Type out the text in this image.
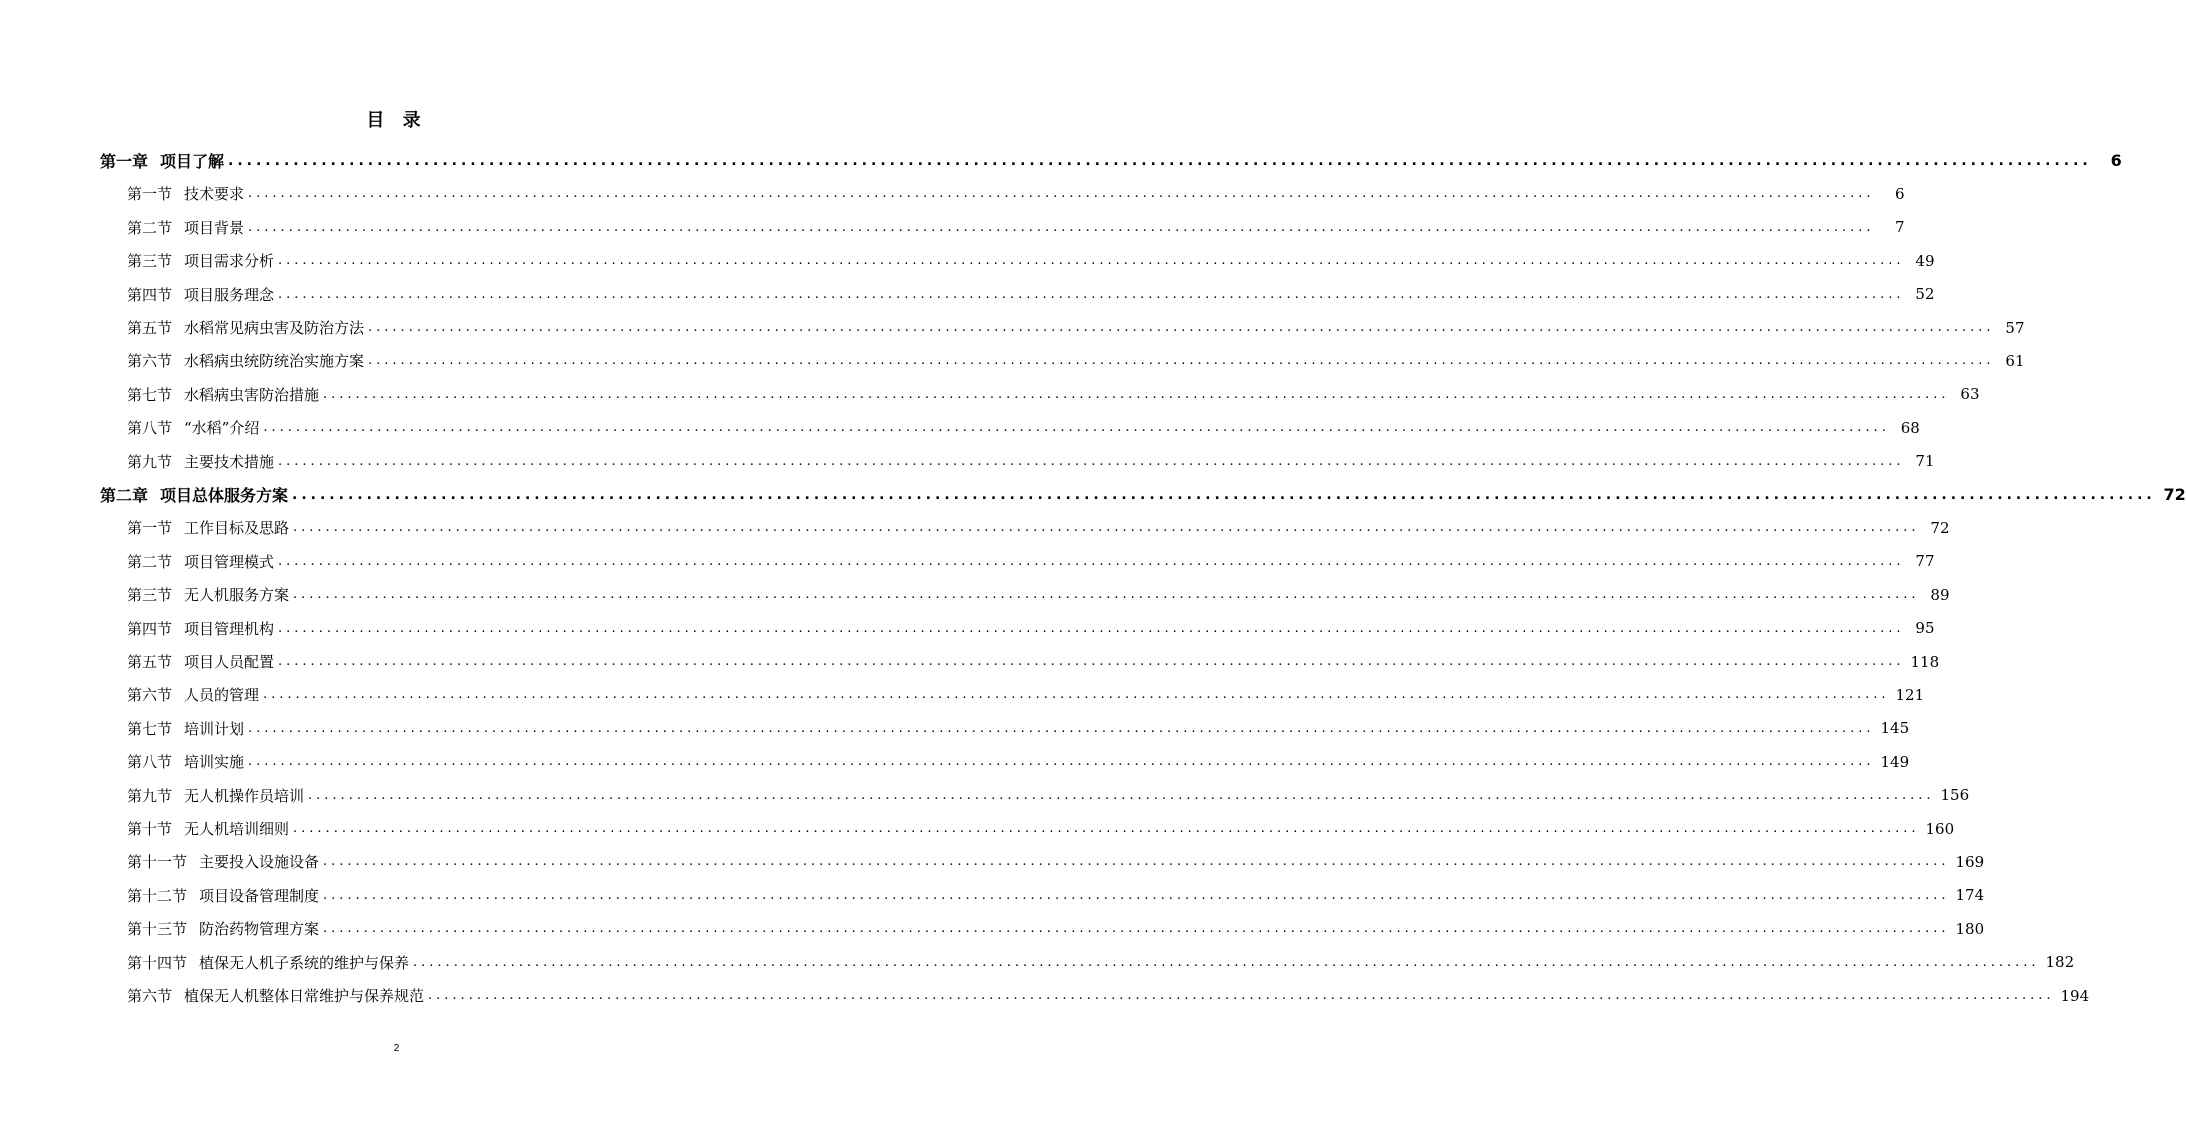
目 录
第一章 项目了解 ........................................................................................................................................................................................................	6
第一节 技术要求 ........................................................................................................................................................................................................	6
第二节 项目背景 ........................................................................................................................................................................................................	7
第三节 项目需求分析 ........................................................................................................................................................................................................ 49
第四节 项目服务理念 ........................................................................................................................................................................................................ 52
第五节 水稻常见病虫害及防治方法 ........................................................................................................................................................................................................ 57
第六节 水稻病虫统防统治实施方案 ........................................................................................................................................................................................................ 61
第七节 水稻病虫害防治措施 ........................................................................................................................................................................................................ 63
第八节 “水稻”介绍 ........................................................................................................................................................................................................ 68
第九节 主要技术措施 ........................................................................................................................................................................................................ 71
第二章 项目总体服务方案 ........................................................................................................................................................................................................ 72
第一节 工作目标及思路 ........................................................................................................................................................................................................ 72
第二节 项目管理模式 ........................................................................................................................................................................................................ 77
第三节 无人机服务方案 ........................................................................................................................................................................................................ 89
第四节 项目管理机构 ........................................................................................................................................................................................................ 95
第五节 项目人员配置 ........................................................................................................................................................................................................ 118
第六节 人员的管理 ........................................................................................................................................................................................................ 121
第七节 培训计划 ........................................................................................................................................................................................................ 145
第八节 培训实施 ........................................................................................................................................................................................................ 149
第九节 无人机操作员培训 ........................................................................................................................................................................................................ 156
第十节 无人机培训细则 ........................................................................................................................................................................................................ 160
第十一节 主要投入设施设备 ........................................................................................................................................................................................................ 169
第十二节 项目设备管理制度 ........................................................................................................................................................................................................ 174
第十三节 防治药物管理方案 ........................................................................................................................................................................................................ 180
第十四节 植保无人机子系统的维护与保养 ........................................................................................................................................................................................................ 182
第六节 植保无人机整体日常维护与保养规范 ........................................................................................................................................................................................................ 194
2
